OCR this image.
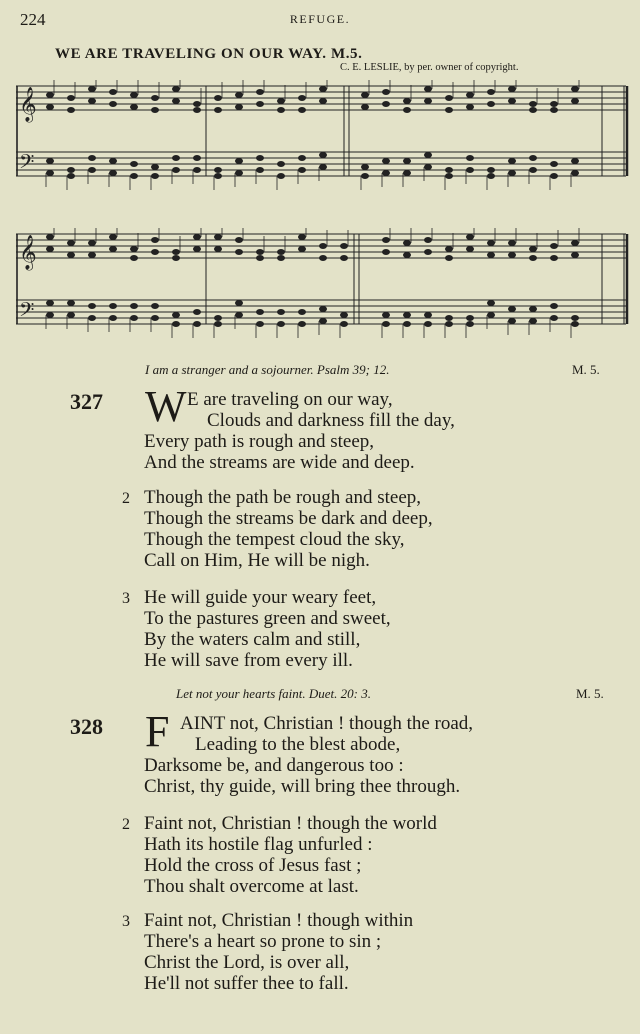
224	REFUGE.
WE ARE TRAVELING ON OUR WAY. M.5.
C. E. LESLIE, by per. owner of copyright.
𝄞
𝄢
𝄞
𝄢
I am a stranger and a sojourner. Psalm 39; 12.	M. 5.
327 W E are traveling on our way,
Clouds and darkness fill the day,
Every path is rough and steep,
And the streams are wide and deep.
2 Though the path be rough and steep,
Though the streams be dark and deep,
Though the tempest cloud the sky,
Call on Him, He will be nigh.
3 He will guide your weary feet,
To the pastures green and sweet,
By the waters calm and still,
He will save from every ill.
Let not your hearts faint. Duet. 20: 3.	M. 5.
328 F AINT not, Christian ! though the road,
Leading to the blest abode,
Darksome be, and dangerous too :
Christ, thy guide, will bring thee through.
2 Faint not, Christian ! though the world
Hath its hostile flag unfurled :
Hold the cross of Jesus fast ;
Thou shalt overcome at last.
3 Faint not, Christian ! though within
There's a heart so prone to sin ;
Christ the Lord, is over all,
He'll not suffer thee to fall.
